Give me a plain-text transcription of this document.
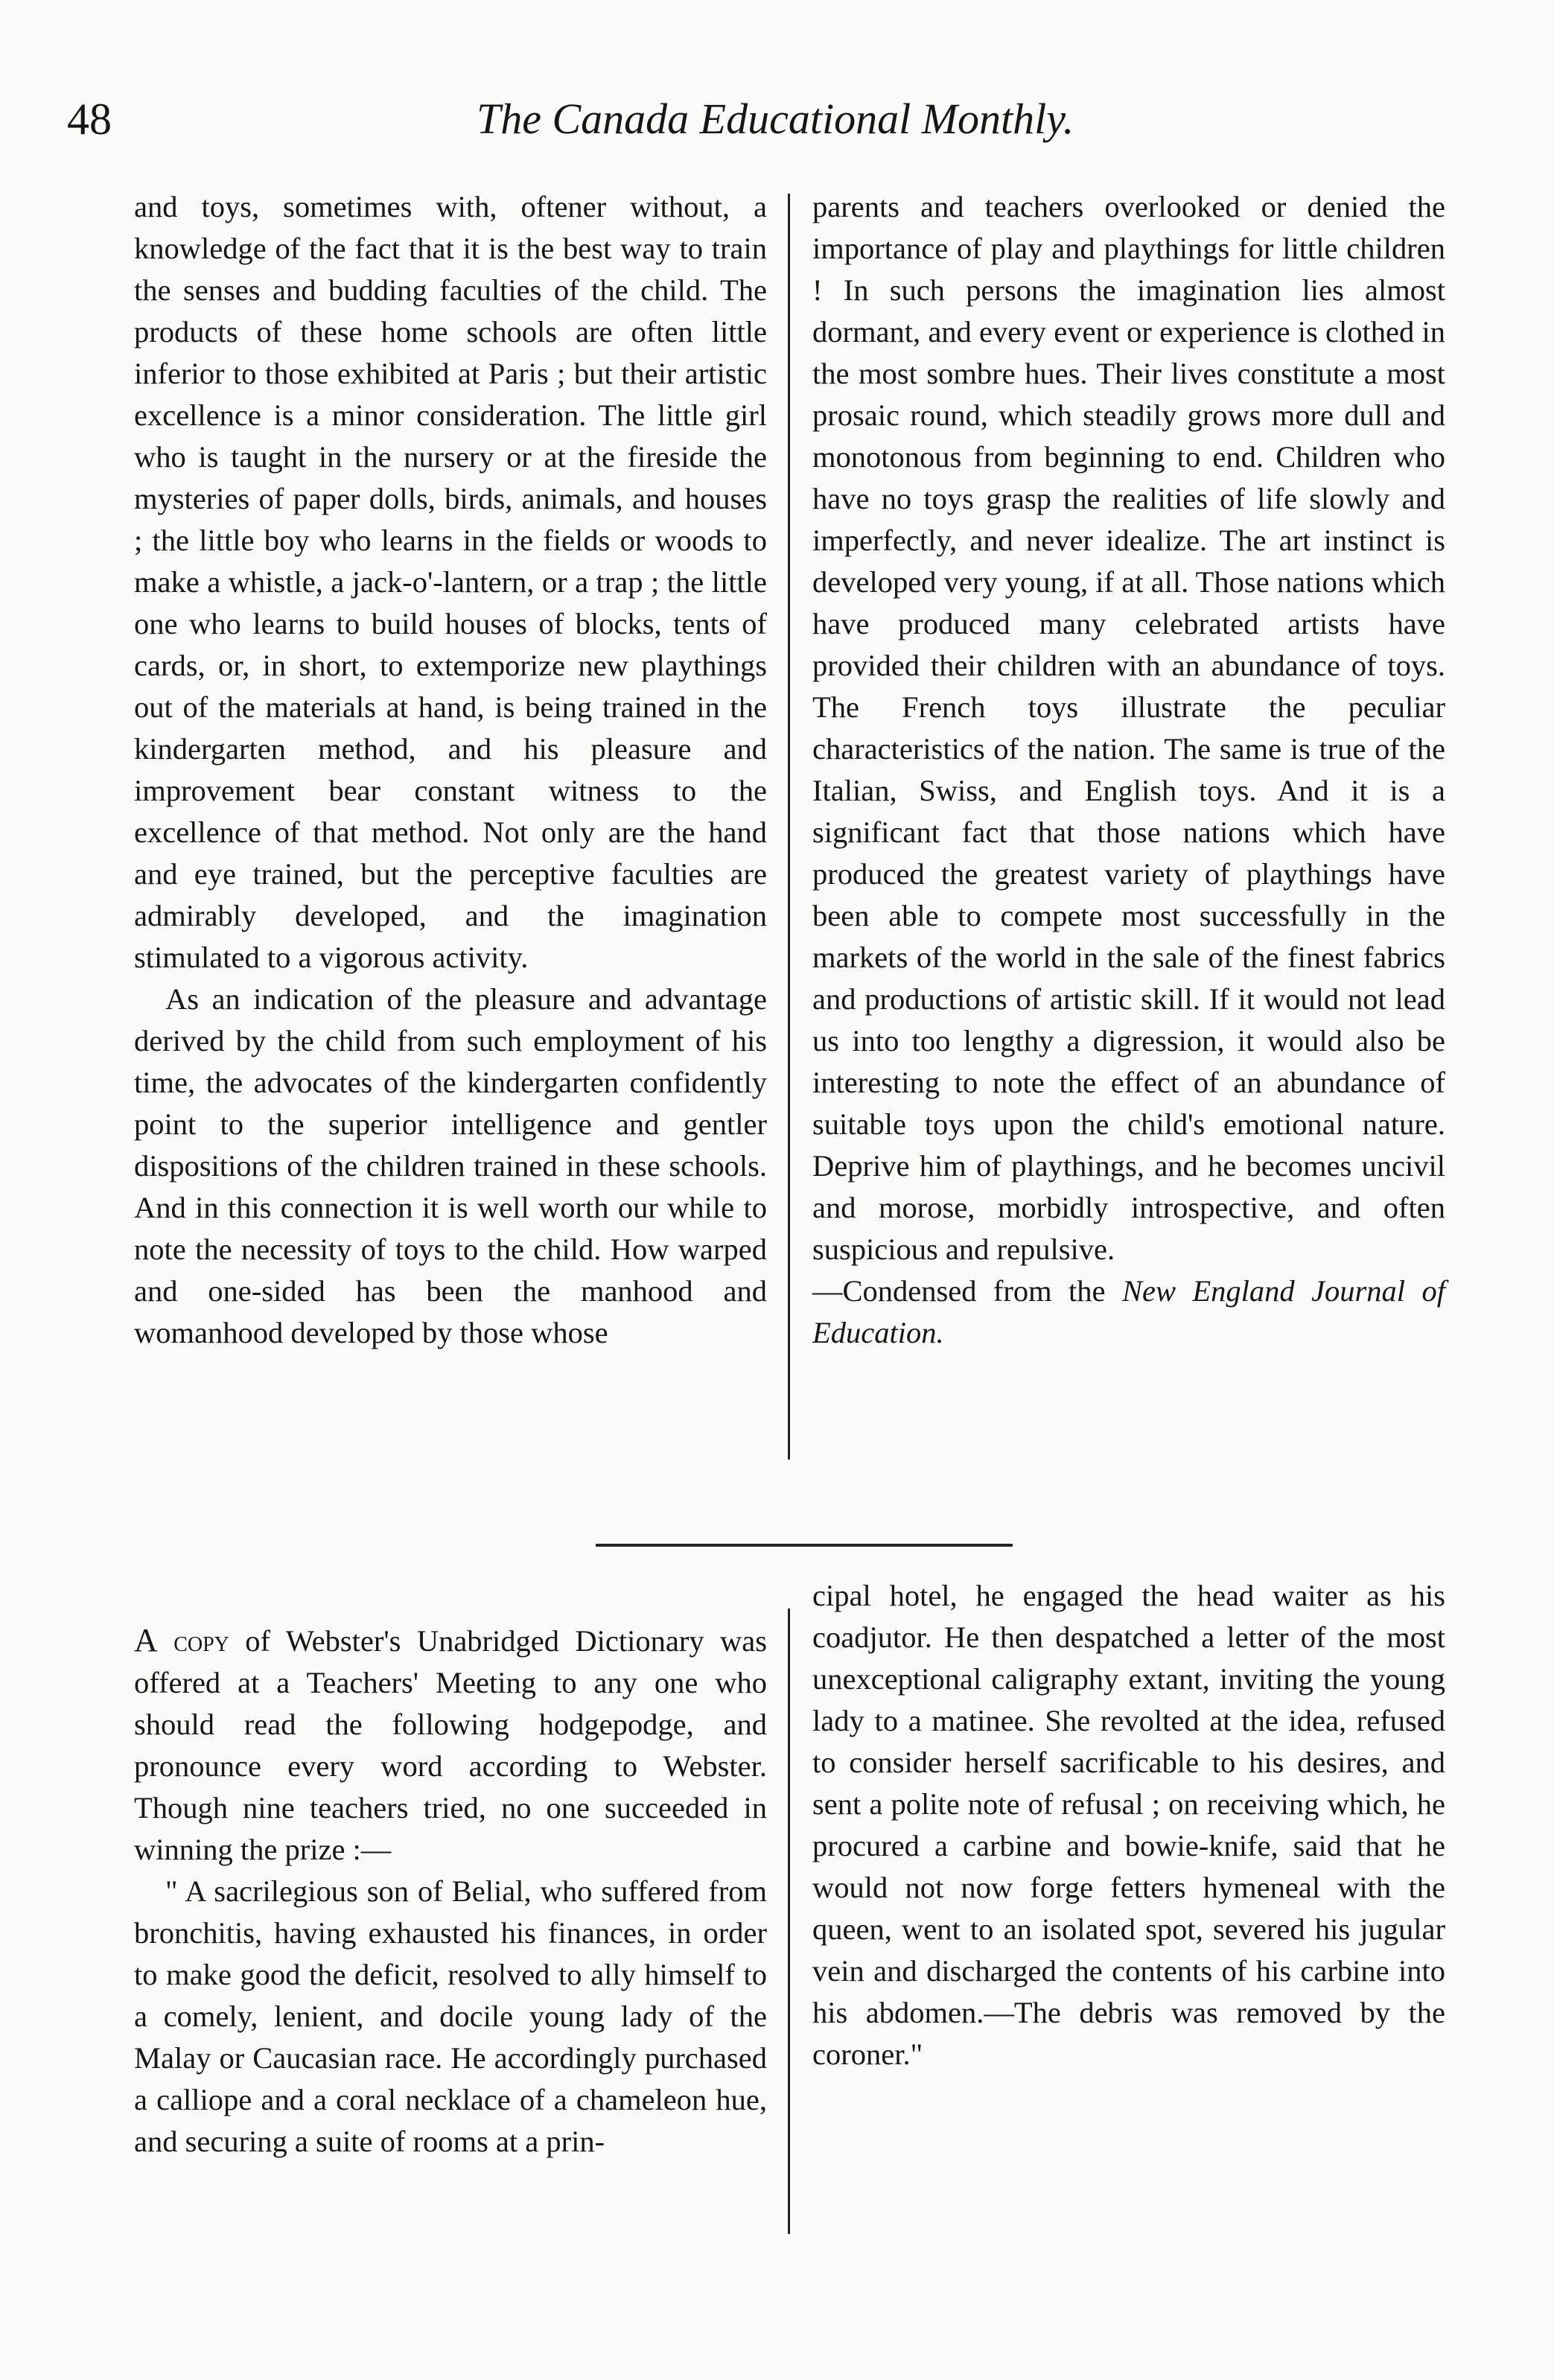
48	The Canada Educational Monthly.

and toys, sometimes with, oftener without, a knowledge of the fact that it is the best way to train the senses and budding faculties of the child. The products of these home schools are often little inferior to those exhibited at Paris ; but their artistic excellence is a minor consideration. The little girl who is taught in the nursery or at the fireside the mysteries of paper dolls, birds, animals, and houses ; the little boy who learns in the fields or woods to make a whistle, a jack-o'-lantern, or a trap ; the little one who learns to build houses of blocks, tents of cards, or, in short, to extemporize new playthings out of the materials at hand, is being trained in the kindergarten method, and his pleasure and improvement bear constant witness to the excellence of that method. Not only are the hand and eye trained, but the perceptive faculties are admirably developed, and the imagination stimulated to a vigorous activity.

As an indication of the pleasure and advantage derived by the child from such employment of his time, the advocates of the kindergarten confidently point to the superior intelligence and gentler dispositions of the children trained in these schools. And in this connection it is well worth our while to note the necessity of toys to the child. How warped and one-sided has been the manhood and womanhood developed by those whose

parents and teachers overlooked or denied the importance of play and playthings for little children ! In such persons the imagination lies almost dormant, and every event or experience is clothed in the most sombre hues. Their lives constitute a most prosaic round, which steadily grows more dull and monotonous from beginning to end. Children who have no toys grasp the realities of life slowly and imperfectly, and never idealize. The art instinct is developed very young, if at all. Those nations which have produced many celebrated artists have provided their children with an abundance of toys. The French toys illustrate the peculiar characteristics of the nation. The same is true of the Italian, Swiss, and English toys. And it is a significant fact that those nations which have produced the greatest variety of playthings have been able to compete most successfully in the markets of the world in the sale of the finest fabrics and productions of artistic skill. If it would not lead us into too lengthy a digression, it would also be interesting to note the effect of an abundance of suitable toys upon the child's emotional nature. Deprive him of playthings, and he becomes uncivil and morose, morbidly introspective, and often suspicious and repulsive.
—Condensed from the New England Journal of Education.

A copy of Webster's Unabridged Dictionary was offered at a Teachers' Meeting to any one who should read the following hodgepodge, and pronounce every word according to Webster. Though nine teachers tried, no one succeeded in winning the prize :—

" A sacrilegious son of Belial, who suffered from bronchitis, having exhausted his finances, in order to make good the deficit, resolved to ally himself to a comely, lenient, and docile young lady of the Malay or Caucasian race. He accordingly purchased a calliope and a coral necklace of a chameleon hue, and securing a suite of rooms at a prin-

cipal hotel, he engaged the head waiter as his coadjutor. He then despatched a letter of the most unexceptional caligraphy extant, inviting the young lady to a matinee. She revolted at the idea, refused to consider herself sacrificable to his desires, and sent a polite note of refusal ; on receiving which, he procured a carbine and bowie-knife, said that he would not now forge fetters hymeneal with the queen, went to an isolated spot, severed his jugular vein and discharged the contents of his carbine into his abdomen.—The debris was removed by the coroner."
